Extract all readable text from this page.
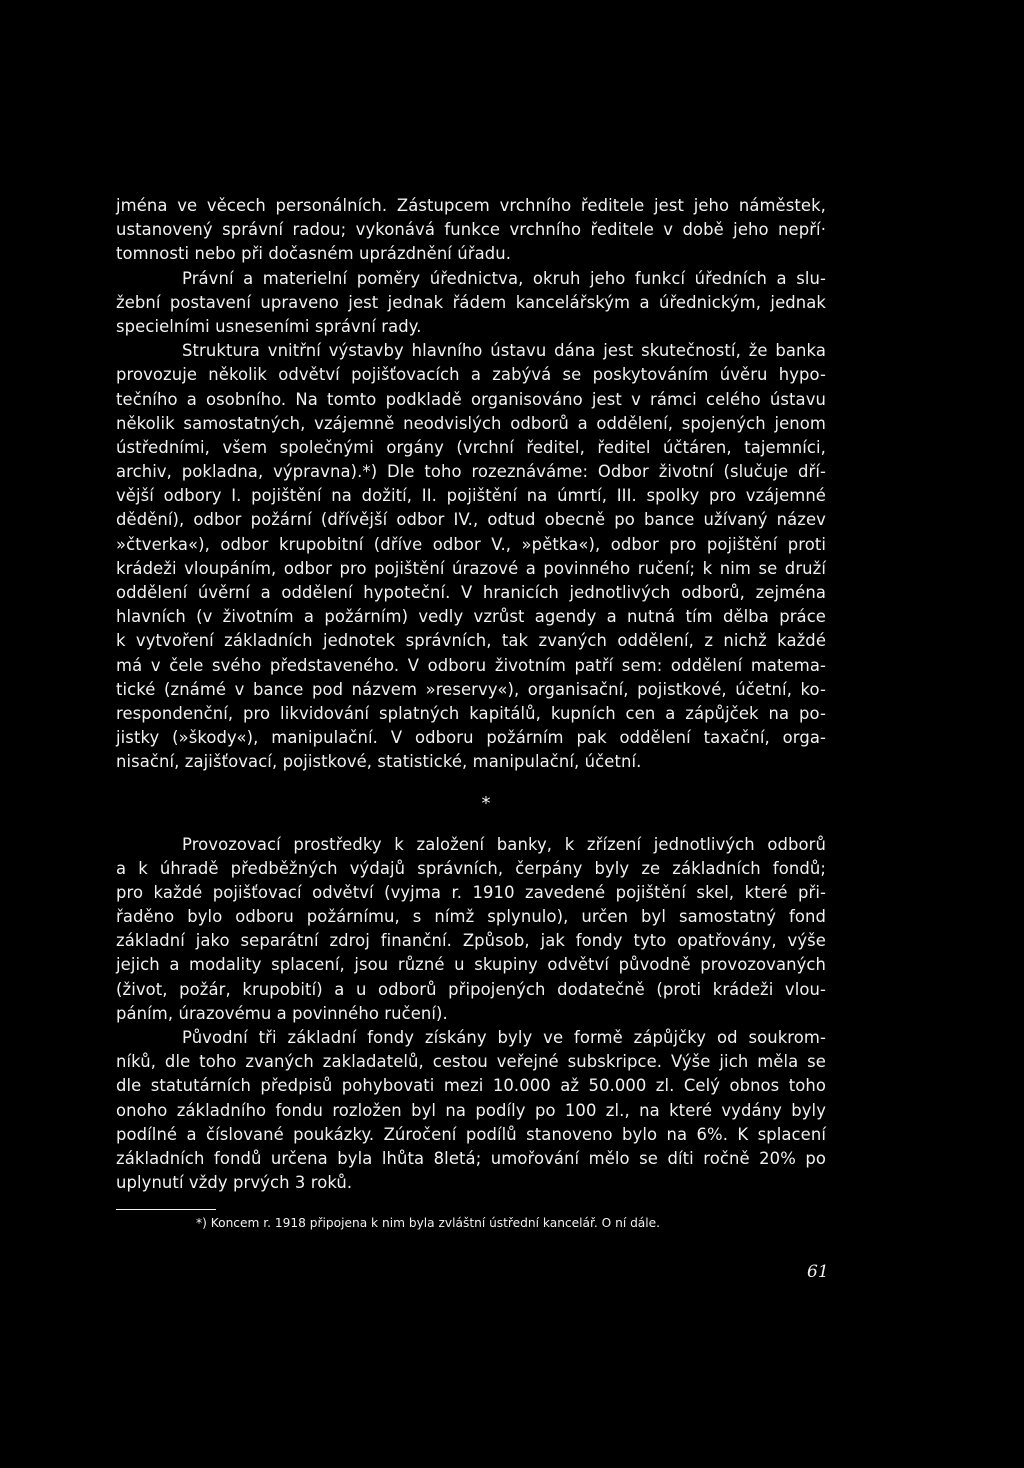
jména ve věcech personálních. Zástupcem vrchního ředitele jest jeho náměstek,
ustanovený správní radou; vykonává funkce vrchního ředitele v době jeho nepří·
tomnosti nebo při dočasném uprázdnění úřadu.
Právní a materielní poměry úřednictva, okruh jeho funkcí úředních a slu-
žební postavení upraveno jest jednak řádem kancelářským a úřednickým, jednak
specielními usneseními správní rady.
Struktura vnitřní výstavby hlavního ústavu dána jest skutečností, že banka
provozuje několik odvětví pojišťovacích a zabývá se poskytováním úvěru hypo-
tečního a osobního. Na tomto podkladě organisováno jest v rámci celého ústavu
několik samostatných, vzájemně neodvislých odborů a oddělení, spojených jenom
ústředními, všem společnými orgány (vrchní ředitel, ředitel účtáren, tajemníci,
archiv, pokladna, výpravna).*) Dle toho rozeznáváme: Odbor životní (slučuje dří-
vější odbory I. pojištění na dožití, II. pojištění na úmrtí, III. spolky pro vzájemné
dědění), odbor požární (dřívější odbor IV., odtud obecně po bance užívaný název
»čtverka«), odbor krupobitní (dříve odbor V., »pětka«), odbor pro pojištění proti
krádeži vloupáním, odbor pro pojištění úrazové a povinného ručení; k nim se druží
oddělení úvěrní a oddělení hypoteční. V hranicích jednotlivých odborů, zejména
hlavních (v životním a požárním) vedly vzrůst agendy a nutná tím dělba práce
k vytvoření základních jednotek správních, tak zvaných oddělení, z nichž každé
má v čele svého představeného. V odboru životním patří sem: oddělení matema-
tické (známé v bance pod názvem »reservy«), organisační, pojistkové, účetní, ko-
respondenční, pro likvidování splatných kapitálů, kupních cen a zápůjček na po-
jistky (»škody«), manipulační. V odboru požárním pak oddělení taxační, orga-
nisační, zajišťovací, pojistkové, statistické, manipulační, účetní.
*
Provozovací prostředky k založení banky, k zřízení jednotlivých odborů
a k úhradě předběžných výdajů správních, čerpány byly ze základních fondů;
pro každé pojišťovací odvětví (vyjma r. 1910 zavedené pojištění skel, které při-
řaděno bylo odboru požárnímu, s nímž splynulo), určen byl samostatný fond
základní jako separátní zdroj finanční. Způsob, jak fondy tyto opatřovány, výše
jejich a modality splacení, jsou různé u skupiny odvětví původně provozovaných
(život, požár, krupobití) a u odborů připojených dodatečně (proti krádeži vlou-
páním, úrazovému a povinného ručení).
Původní tři základní fondy získány byly ve formě zápůjčky od soukrom-
níků, dle toho zvaných zakladatelů, cestou veřejné subskripce. Výše jich měla se
dle statutárních předpisů pohybovati mezi 10.000 až 50.000 zl. Celý obnos toho
onoho základního fondu rozložen byl na podíly po 100 zl., na které vydány byly
podílné a číslované poukázky. Zúročení podílů stanoveno bylo na 6%. K splacení
základních fondů určena byla lhůta 8letá; umořování mělo se díti ročně 20% po
uplynutí vždy prvých 3 roků.
*) Koncem r. 1918 připojena k nim byla zvláštní ústřední kancelář. O ní dále.
61
